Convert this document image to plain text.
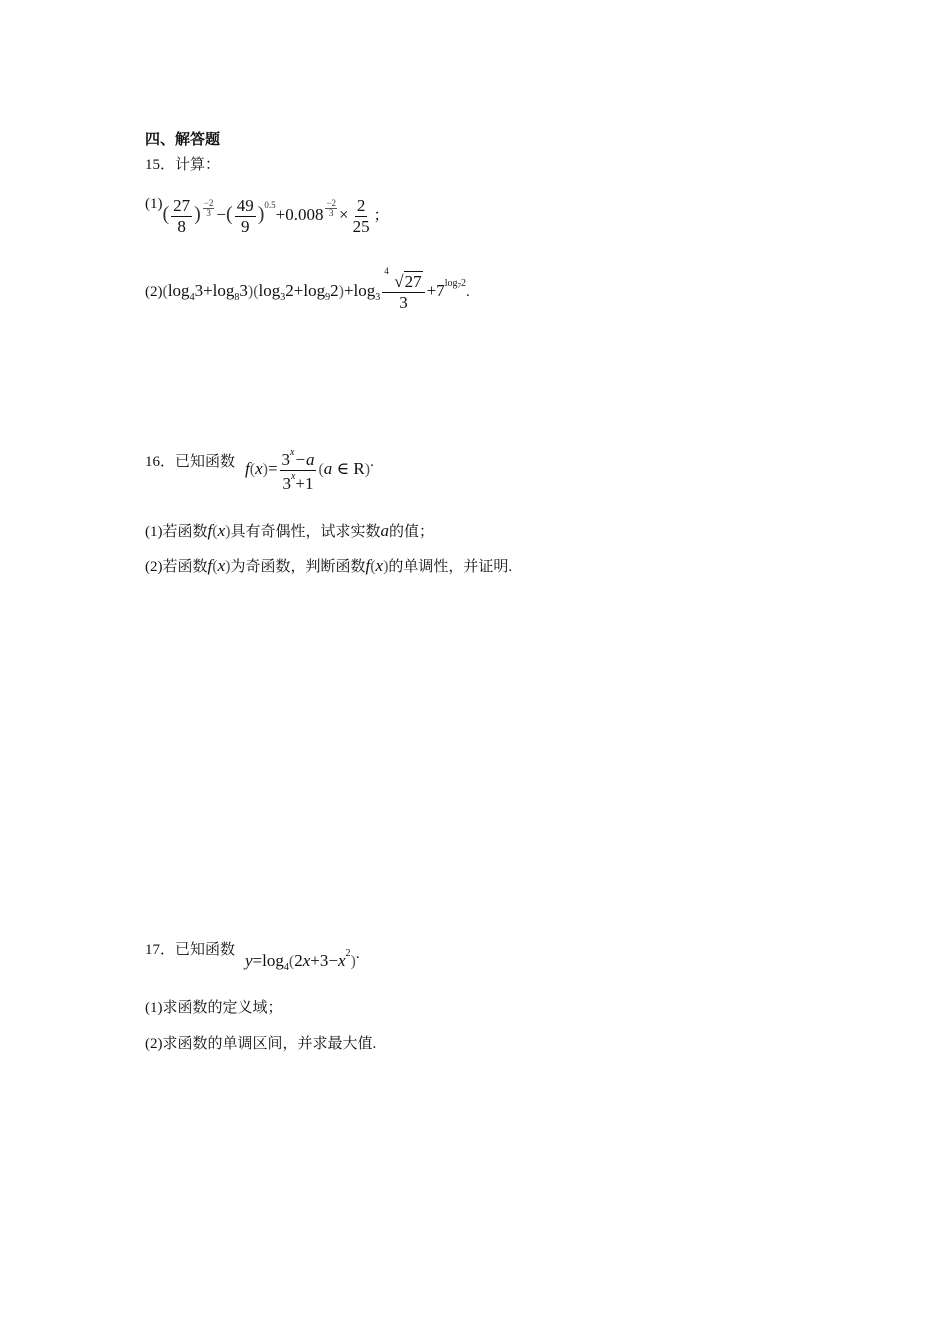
四、解答题
15．计算：
$(1)( \frac{27}{8}$ ) $\frac{-2}{3}$ −( $\frac{49}{9} )^{0.5}+0.008 \frac{-2}{3} \times \frac{2}{25}$ ；
$(2)(\log_43+\log_83)(\log_32+\log_92)+\log_3$ 4
√27
$3 +7^{log_72}$.
16．已知函数 $f(x)= \frac{3^x-a}{3^x+1} (a$ ∈ R).
(1)若函数f(x)具有奇偶性，试求实数a的值；
(2)若函数f(x)为奇函数，判断函数f(x)的单调性，并证明.
17．已知函数
$y=\log_4(2x+3-x^2)$.
(1)求函数的定义域；
(2)求函数的单调区间，并求最大值.
